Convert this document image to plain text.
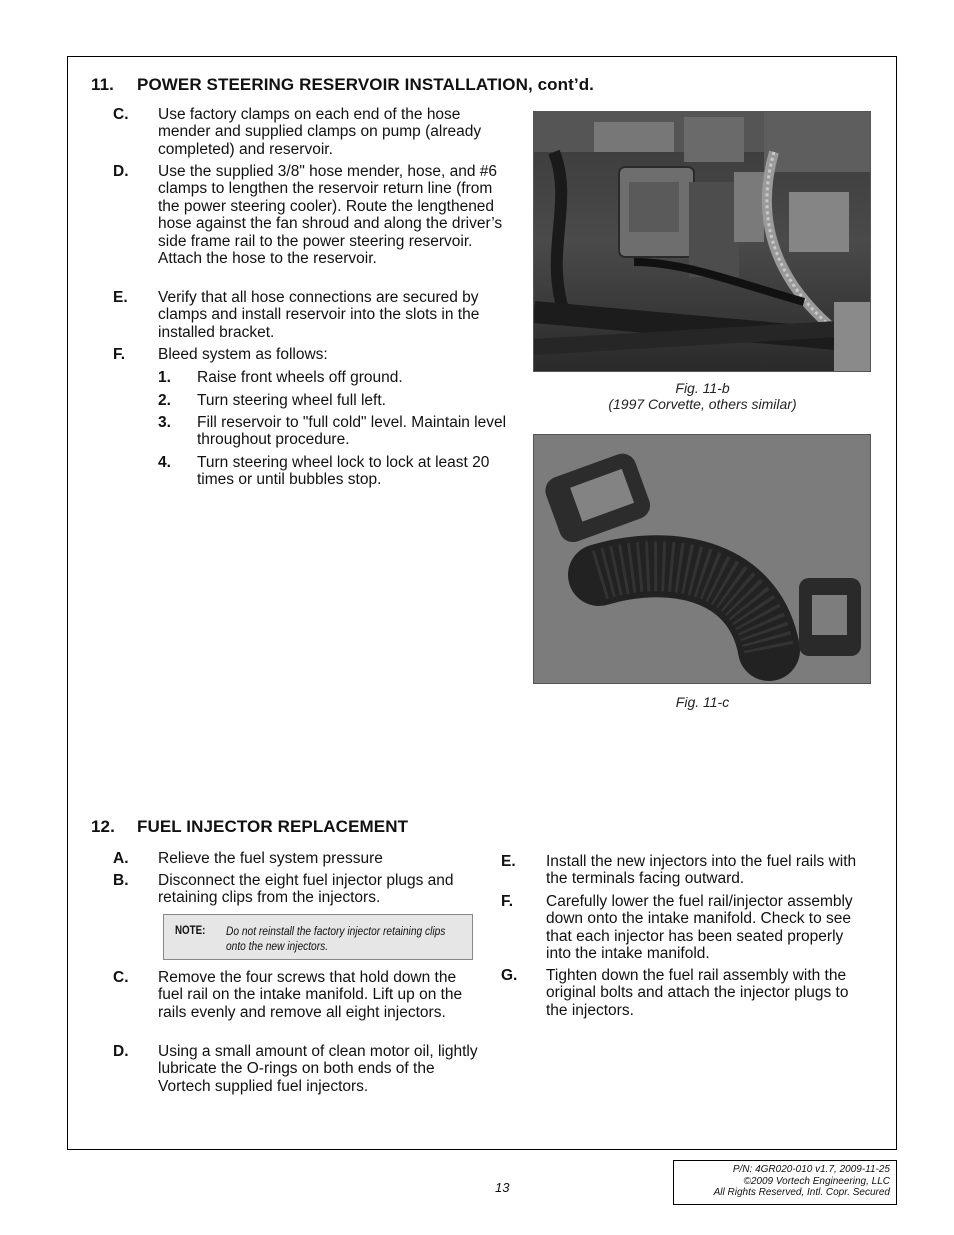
11. POWER STEERING RESERVOIR INSTALLATION, cont’d.
C. Use factory clamps on each end of the hose mender and supplied clamps on pump (already completed) and reservoir.
D. Use the supplied 3/8" hose mender, hose, and #6 clamps to lengthen the reservoir return line (from the power steering cooler). Route the lengthened hose against the fan shroud and along the driver’s side frame rail to the power steering reservoir. Attach the hose to the reservoir.
E. Verify that all hose connections are secured by clamps and install reservoir into the slots in the installed bracket.
F. Bleed system as follows:
1. Raise front wheels off ground.
2. Turn steering wheel full left.
3. Fill reservoir to "full cold" level. Maintain level throughout procedure.
4. Turn steering wheel lock to lock at least 20 times or until bubbles stop.
Fig. 11-b
(1997 Corvette, others similar)
Fig. 11-c
12. FUEL INJECTOR REPLACEMENT
A. Relieve the fuel system pressure
B. Disconnect the eight fuel injector plugs and retaining clips from the injectors.
NOTE: Do not reinstall the factory injector retaining clips onto the new injectors.
C. Remove the four screws that hold down the fuel rail on the intake manifold. Lift up on the rails evenly and remove all eight injectors.
D. Using a small amount of clean motor oil, lightly lubricate the O-rings on both ends of the Vortech supplied fuel injectors.
E. Install the new injectors into the fuel rails with the terminals facing outward.
F. Carefully lower the fuel rail/injector assembly down onto the intake manifold. Check to see that each injector has been seated properly into the intake manifold.
G. Tighten down the fuel rail assembly with the original bolts and attach the injector plugs to the injectors.
13
P/N: 4GR020-010 v1.7, 2009-11-25
©2009 Vortech Engineering, LLC
All Rights Reserved, Intl. Copr. Secured
